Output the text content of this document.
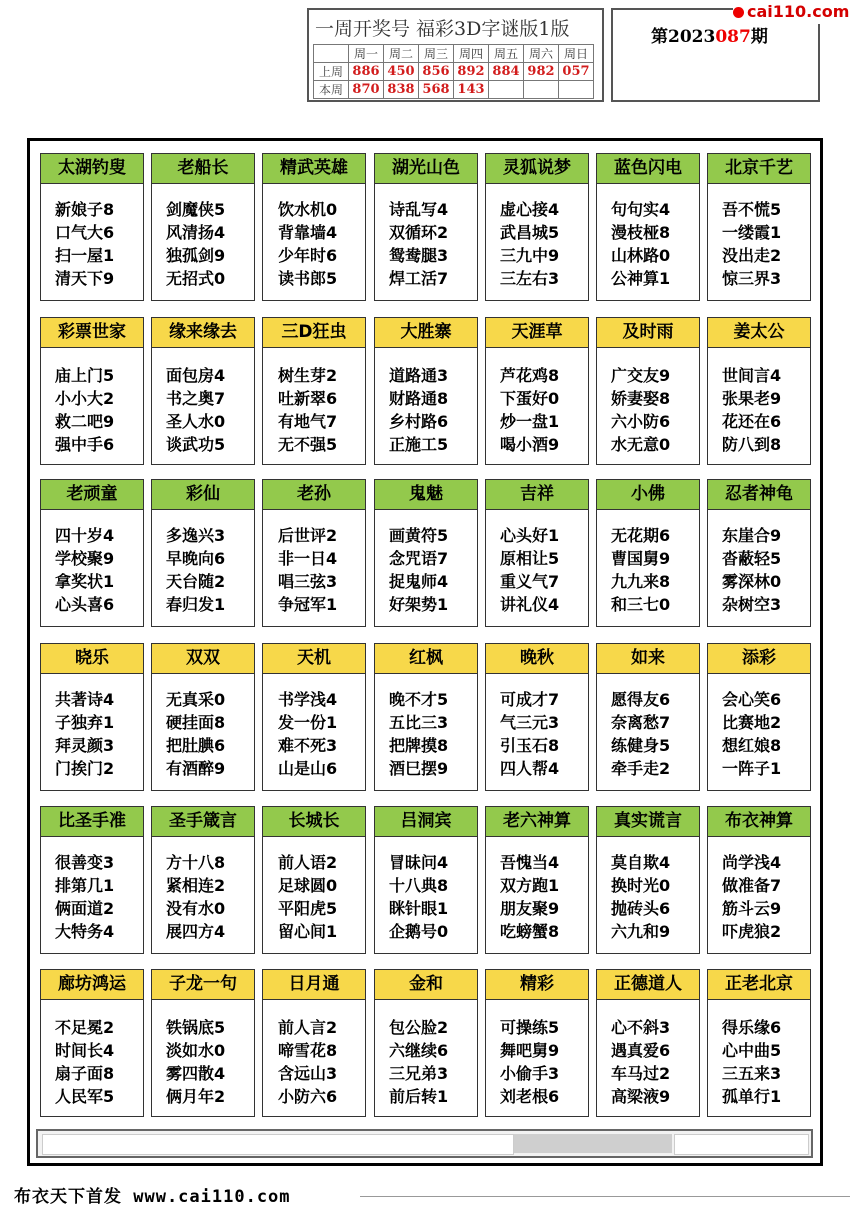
一周开奖号 福彩3D字谜版1版
	周一	周二	周三	周四	周五	周六	周日
上周	886	450	856	892	884	982	057
本周	870	838	568	143			
第2023087期
cai110.com
太湖钓叟
新娘子8
口气大6
扫一屋1
清天下9
老船长
剑魔侠5
风清扬4
独孤剑9
无招式0
精武英雄
饮水机0
背靠墙4
少年时6
读书郎5
湖光山色
诗乱写4
双循环2
鸳鸯腿3
焊工活7
灵狐说梦
虚心接4
武昌城5
三九中9
三左右3
蓝色闪电
句句实4
漫枝桠8
山林路0
公神算1
北京千艺
吾不慌5
一缕霞1
没出走2
惊三界3
彩票世家
庙上门5
小小大2
救二吧9
强中手6
缘来缘去
面包房4
书之奥7
圣人水0
谈武功5
三D狂虫
树生芽2
吐新翠6
有地气7
无不强5
大胜寨
道路通3
财路通8
乡村路6
正施工5
天涯草
芦花鸡8
下蛋好0
炒一盘1
喝小酒9
及时雨
广交友9
娇妻娶8
六小防6
水无意0
姜太公
世间言4
张果老9
花还在6
防八到8
老顽童
四十岁4
学校聚9
拿奖状1
心头喜6
彩仙
多逸兴3
早晚向6
天台随2
春归发1
老孙
后世评2
非一日4
唱三弦3
争冠军1
鬼魅
画黄符5
念咒语7
捉鬼师4
好架势1
吉祥
心头好1
原相让5
重义气7
讲礼仪4
小佛
无花期6
曹国舅9
九九来8
和三七0
忍者神龟
东崖合9
沓蔽轻5
雾深林0
杂树空3
晓乐
共著诗4
子独弃1
拜灵颜3
门挨门2
双双
无真采0
硬挂面8
把肚腆6
有酒醉9
天机
书学浅4
发一份1
难不死3
山是山6
红枫
晚不才5
五比三3
把牌摸8
酒巳摆9
晚秋
可成才7
气三元3
引玉石8
四人帮4
如来
愿得友6
奈离愁7
练健身5
牵手走2
添彩
会心笑6
比赛地2
想红娘8
一阵子1
比圣手准
很善变3
排第几1
俩面道2
大特务4
圣手箴言
方十八8
紧相连2
没有水0
展四方4
长城长
前人语2
足球圆0
平阳虎5
留心间1
吕洞宾
冒昧问4
十八典8
眯针眼1
企鹅号0
老六神算
吾愧当4
双方跑1
朋友聚9
吃螃蟹8
真实谎言
莫自欺4
换时光0
抛砖头6
六九和9
布衣神算
尚学浅4
做准备7
筋斗云9
吓虎狼2
廊坊鸿运
不足冕2
时间长4
扇子面8
人民军5
子龙一句
铁锅底5
淡如水0
雾四散4
俩月年2
日月通
前人言2
啼雪花8
含远山3
小防六6
金和
包公脸2
六继续6
三兄弟3
前后转1
精彩
可操练5
舞吧舅9
小偷手3
刘老根6
正德道人
心不斜3
遇真爱6
车马过2
高梁液9
正老北京
得乐缘6
心中曲5
三五来3
孤单行1
布衣天下首发 www.cai110.com
